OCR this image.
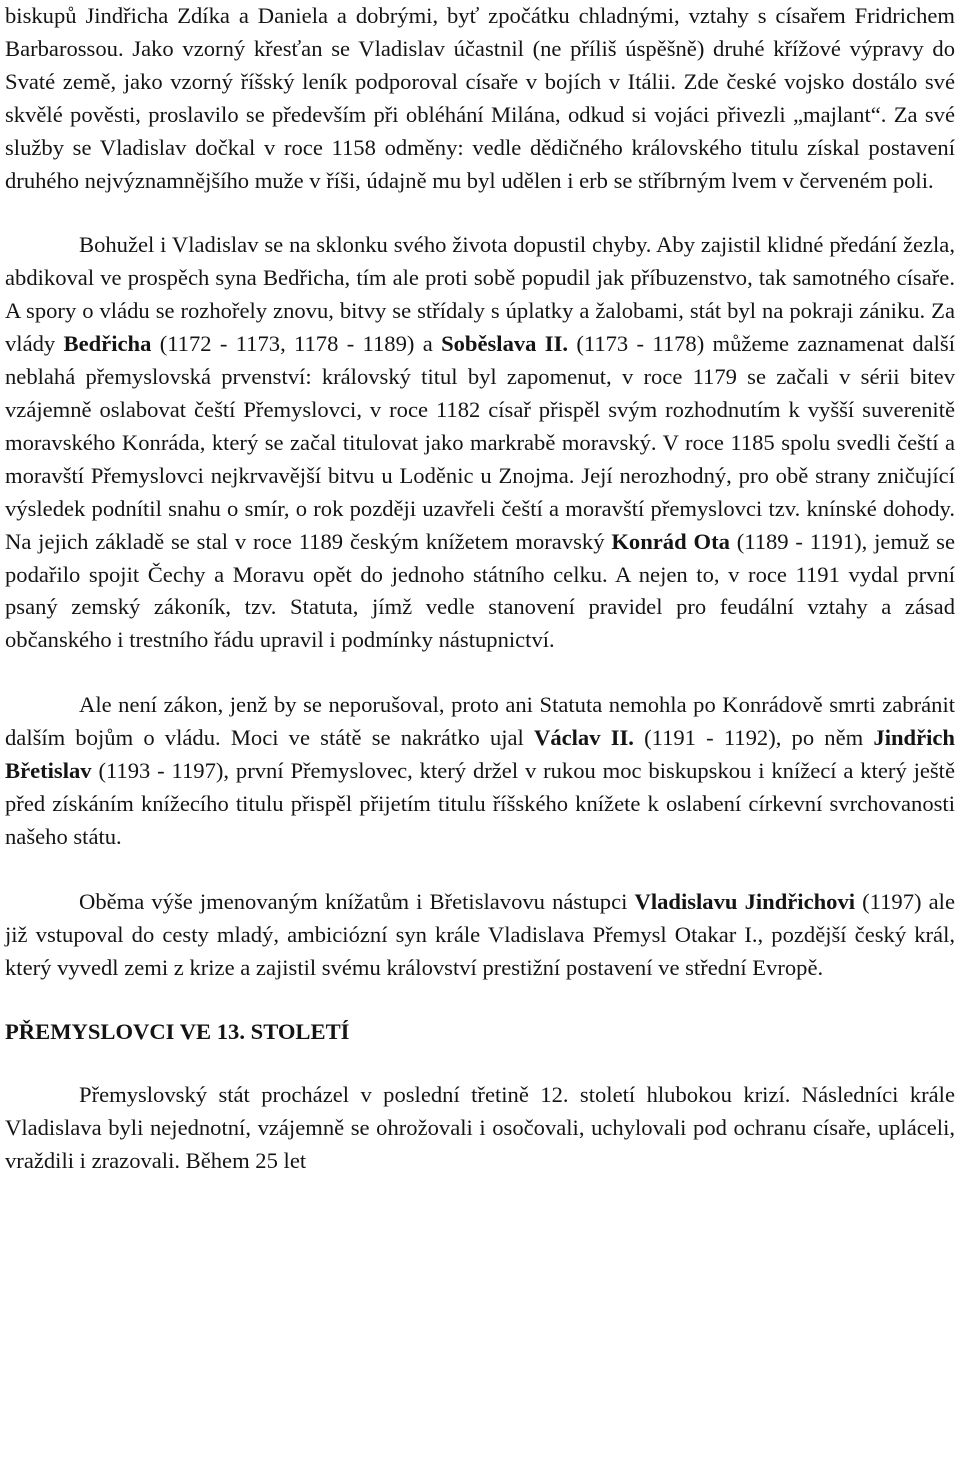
biskupů Jindřicha Zdíka a Daniela a dobrými, byť zpočátku chladnými, vztahy s císařem Fridrichem Barbarossou. Jako vzorný křesťan se Vladislav účastnil (ne příliš úspěšně) druhé křížové výpravy do Svaté země, jako vzorný říšský leník podporoval císaře v bojích v Itálii. Zde české vojsko dostálo své skvělé pověsti, proslavilo se především při obléhání Milána, odkud si vojáci přivezli „majlant“. Za své služby se Vladislav dočkal v roce 1158 odměny: vedle dědičného královského titulu získal postavení druhého nejvýznamnějšího muže v říši, údajně mu byl udělen i erb se stříbrným lvem v červeném poli.

Bohužel i Vladislav se na sklonku svého života dopustil chyby. Aby zajistil klidné předání žezla, abdikoval ve prospěch syna Bedřicha, tím ale proti sobě popudil jak příbuzenstvo, tak samotného císaře. A spory o vládu se rozhořely znovu, bitvy se střídaly s úplatky a žalobami, stát byl na pokraji zániku. Za vlády Bedřicha (1172 - 1173, 1178 - 1189) a Soběslava II. (1173 - 1178) můžeme zaznamenat další neblahá přemyslovská prvenství: královský titul byl zapomenut, v roce 1179 se začali v sérii bitev vzájemně oslabovat čeští Přemyslovci, v roce 1182 císař přispěl svým rozhodnutím k vyšší suverenitě moravského Konráda, který se začal titulovat jako markrabě moravský. V roce 1185 spolu svedli čeští a moravští Přemyslovci nejkrvavější bitvu u Loděnic u Znojma. Její nerozhodný, pro obě strany zničující výsledek podnítil snahu o smír, o rok později uzavřeli čeští a moravští přemyslovci tzv. knínské dohody. Na jejich základě se stal v roce 1189 českým knížetem moravský Konrád Ota (1189 - 1191), jemuž se podařilo spojit Čechy a Moravu opět do jednoho státního celku. A nejen to, v roce 1191 vydal první psaný zemský zákoník, tzv. Statuta, jímž vedle stanovení pravidel pro feudální vztahy a zásad občanského i trestního řádu upravil i podmínky nástupnictví.

Ale není zákon, jenž by se neporušoval, proto ani Statuta nemohla po Konrádově smrti zabránit dalším bojům o vládu. Moci ve státě se nakrátko ujal Václav II. (1191 - 1192), po něm Jindřich Břetislav (1193 - 1197), první Přemyslovec, který držel v rukou moc biskupskou i knížecí a který ještě před získáním knížecího titulu přispěl přijetím titulu říšského knížete k oslabení církevní svrchovanosti našeho státu.

Oběma výše jmenovaným knížatům i Břetislavovu nástupci Vladislavu Jindřichovi (1197) ale již vstupoval do cesty mladý, ambiciózní syn krále Vladislava Přemysl Otakar I., pozdější český král, který vyvedl zemi z krize a zajistil svému království prestižní postavení ve střední Evropě.

PŘEMYSLOVCI VE 13. STOLETÍ

Přemyslovský stát procházel v poslední třetině 12. století hlubokou krizí. Následníci krále Vladislava byli nejednotní, vzájemně se ohrožovali i osočovali, uchylovali pod ochranu císaře, upláceli, vraždili i zrazovali. Během 25 let
